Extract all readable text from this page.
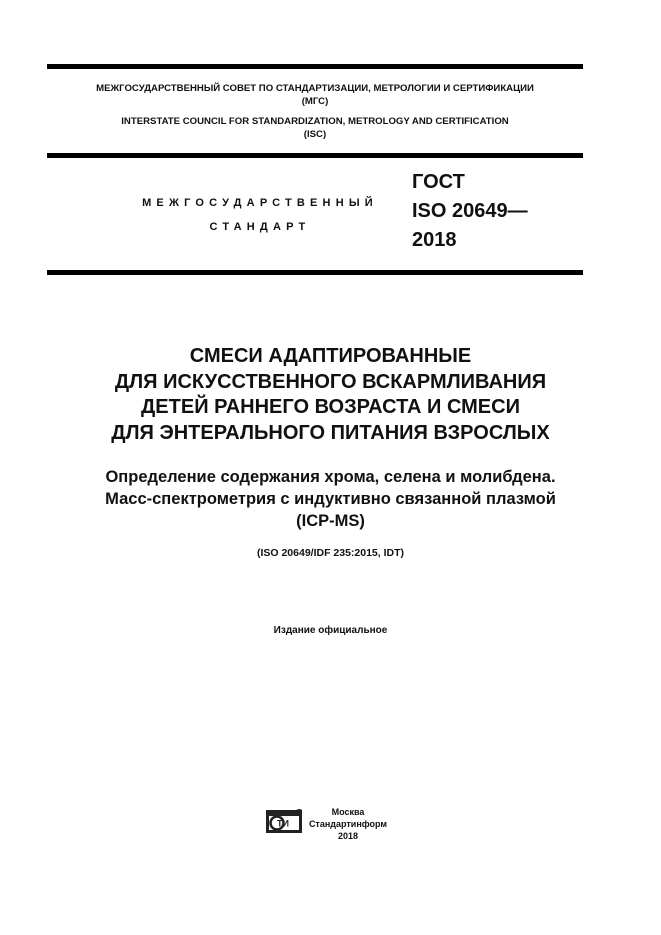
МЕЖГОСУДАРСТВЕННЫЙ СОВЕТ ПО СТАНДАРТИЗАЦИИ, МЕТРОЛОГИИ И СЕРТИФИКАЦИИ
(МГС)
INTERSTATE COUNCIL FOR STANDARDIZATION, METROLOGY AND CERTIFICATION
(ISC)
МЕЖГОСУДАРСТВЕННЫЙ
СТАНДАРТ
ГОСТ
ISO 20649—
2018
СМЕСИ АДАПТИРОВАННЫЕ
ДЛЯ ИСКУССТВЕННОГО ВСКАРМЛИВАНИЯ
ДЕТЕЙ РАННЕГО ВОЗРАСТА И СМЕСИ
ДЛЯ ЭНТЕРАЛЬНОГО ПИТАНИЯ ВЗРОСЛЫХ
Определение содержания хрома, селена и молибдена.
Масс-спектрометрия с индуктивно связанной плазмой
(ICP-MS)
(ISO 20649/IDF 235:2015, IDT)
Издание официальное
ТИ
Москва
Стандартинформ
2018
